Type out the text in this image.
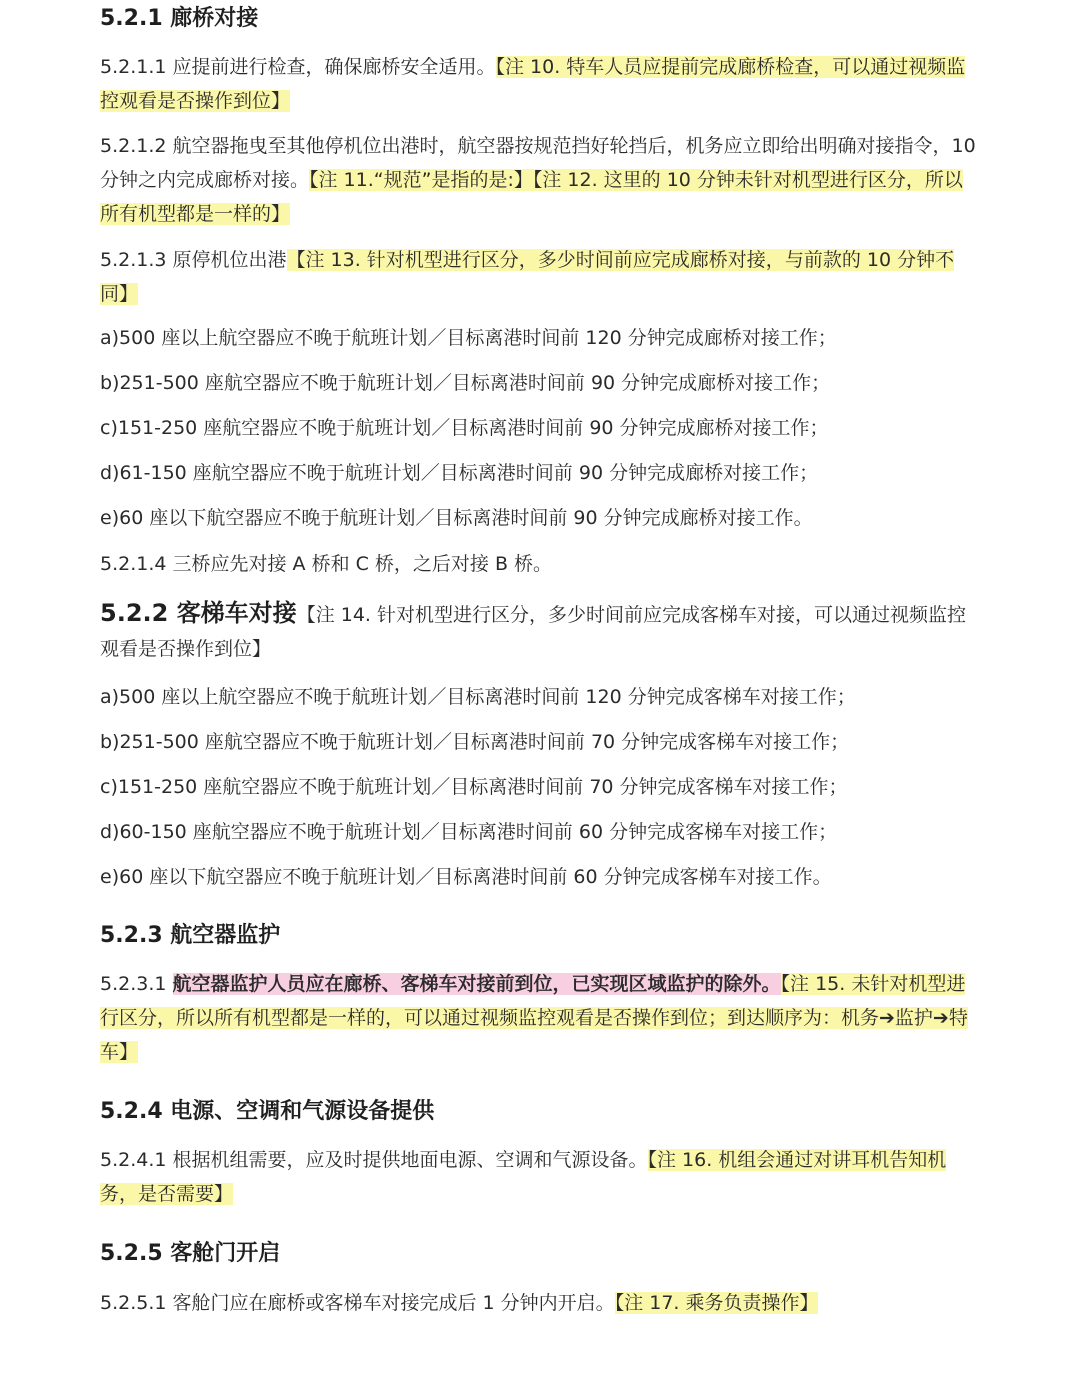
5.2.1 廊桥对接

5.2.1.1 应提前进行检查，确保廊桥安全适用。【注 10. 特车人员应提前完成廊桥检查，可以通过视频监控观看是否操作到位】

5.2.1.2 航空器拖曳至其他停机位出港时，航空器按规范挡好轮挡后，机务应立即给出明确对接指令，10 分钟之内完成廊桥对接。【注 11.“规范”是指的是:】【注 12. 这里的 10 分钟未针对机型进行区分，所以所有机型都是一样的】

5.2.1.3 原停机位出港【注 13. 针对机型进行区分，多少时间前应完成廊桥对接，与前款的 10 分钟不同】

a)500 座以上航空器应不晚于航班计划／目标离港时间前 120 分钟完成廊桥对接工作；

b)251-500 座航空器应不晚于航班计划／目标离港时间前 90 分钟完成廊桥对接工作；

c)151-250 座航空器应不晚于航班计划／目标离港时间前 90 分钟完成廊桥对接工作；

d)61-150 座航空器应不晚于航班计划／目标离港时间前 90 分钟完成廊桥对接工作；

e)60 座以下航空器应不晚于航班计划／目标离港时间前 90 分钟完成廊桥对接工作。

5.2.1.4 三桥应先对接 A 桥和 C 桥，之后对接 B 桥。

5.2.2 客梯车对接【注 14. 针对机型进行区分，多少时间前应完成客梯车对接，可以通过视频监控观看是否操作到位】

a)500 座以上航空器应不晚于航班计划／目标离港时间前 120 分钟完成客梯车对接工作；

b)251-500 座航空器应不晚于航班计划／目标离港时间前 70 分钟完成客梯车对接工作；

c)151-250 座航空器应不晚于航班计划／目标离港时间前 70 分钟完成客梯车对接工作；

d)60-150 座航空器应不晚于航班计划／目标离港时间前 60 分钟完成客梯车对接工作；

e)60 座以下航空器应不晚于航班计划／目标离港时间前 60 分钟完成客梯车对接工作。

5.2.3 航空器监护

5.2.3.1 航空器监护人员应在廊桥、客梯车对接前到位，已实现区域监护的除外。【注 15. 未针对机型进行区分，所以所有机型都是一样的，可以通过视频监控观看是否操作到位；到达顺序为：机务➔监护➔特车】

5.2.4 电源、空调和气源设备提供

5.2.4.1 根据机组需要，应及时提供地面电源、空调和气源设备。【注 16. 机组会通过对讲耳机告知机务，是否需要】

5.2.5 客舱门开启

5.2.5.1 客舱门应在廊桥或客梯车对接完成后 1 分钟内开启。【注 17. 乘务负责操作】
